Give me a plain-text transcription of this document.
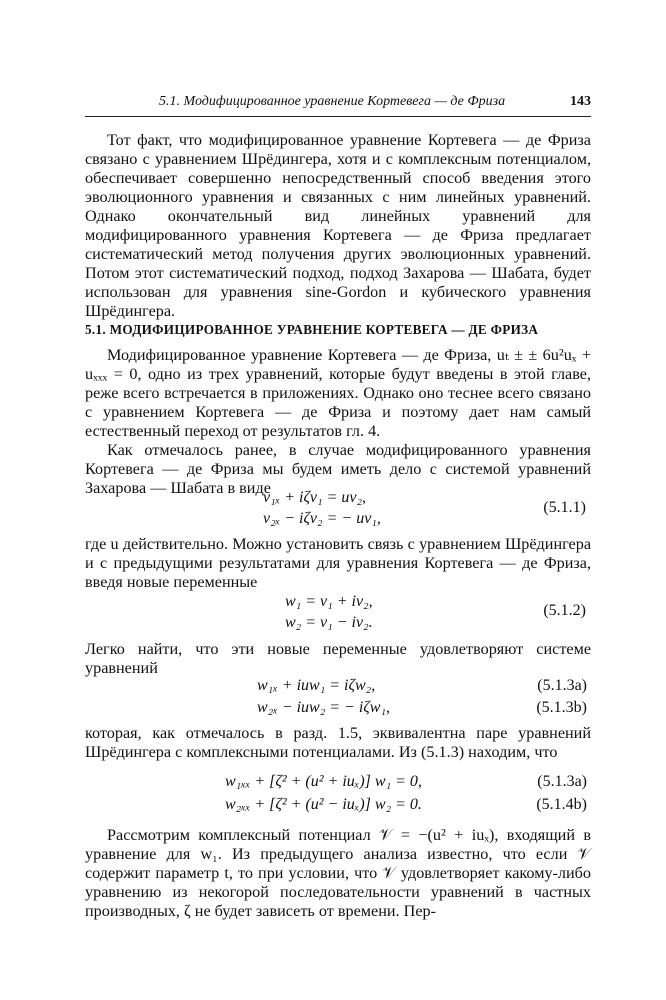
5.1. Модифицированное уравнение Кортевега — де Фриза	143

Тот факт, что модифицированное уравнение Кортевега — де Фриза связано с уравнением Шрёдингера, хотя и с комплексным потенциалом, обеспечивает совершенно непосредственный способ введения этого эволюционного уравнения и связанных с ним линейных уравнений. Однако окончательный вид линейных уравнений для модифицированного уравнения Кортевега — де Фриза предлагает систематический метод получения других эволюционных уравнений. Потом этот систематический подход, подход Захарова — Шабата, будет использован для уравнения sine-Gordon и кубического уравнения Шрёдингера.

5.1. МОДИФИЦИРОВАННОЕ УРАВНЕНИЕ КОРТЕВЕГА — ДЕ ФРИЗА

Модифицированное уравнение Кортевега — де Фриза, uₜ ± ± 6u²uₓ + uₓₓₓ = 0, одно из трех уравнений, которые будут введены в этой главе, реже всего встречается в приложениях. Однако оно теснее всего связано с уравнением Кортевега — де Фриза и поэтому дает нам самый естественный переход от результатов гл. 4.

Как отмечалось ранее, в случае модифицированного уравнения Кортевега — де Фриза мы будем иметь дело с системой уравнений Захарова — Шабата в виде

v₁ₓ + iζv₁ = uv₂,
v₂ₓ − iζv₂ = − uv₁,
(5.1.1)

где u действительно. Можно установить связь с уравнением Шрёдингера и с предыдущими результатами для уравнения Кортевега — де Фриза, введя новые переменные

w₁ = v₁ + iv₂,
w₂ = v₁ − iv₂.
(5.1.2)

Легко найти, что эти новые переменные удовлетворяют системе уравнений

w₁ₓ + iuw₁ = iζw₂,	(5.1.3a)
w₂ₓ − iuw₂ = − iζw₁,	(5.1.3b)

которая, как отмечалось в разд. 1.5, эквивалентна паре уравнений Шрёдингера с комплексными потенциалами. Из (5.1.3) находим, что

w₁ₓₓ + [ζ² + (u² + iuₓ)] w₁ = 0,	(5.1.3a)
w₂ₓₓ + [ζ² + (u² − iuₓ)] w₂ = 0.	(5.1.4b)

Рассмотрим комплексный потенциал 𝒱 = −(u² + iuₓ), входящий в уравнение для w₁. Из предыдущего анализа известно, что если 𝒱 содержит параметр t, то при условии, что 𝒱 удовлетворяет какому-либо уравнению из некогорой последовательности уравнений в частных производных, ζ не будет зависеть от времени. Пер-
